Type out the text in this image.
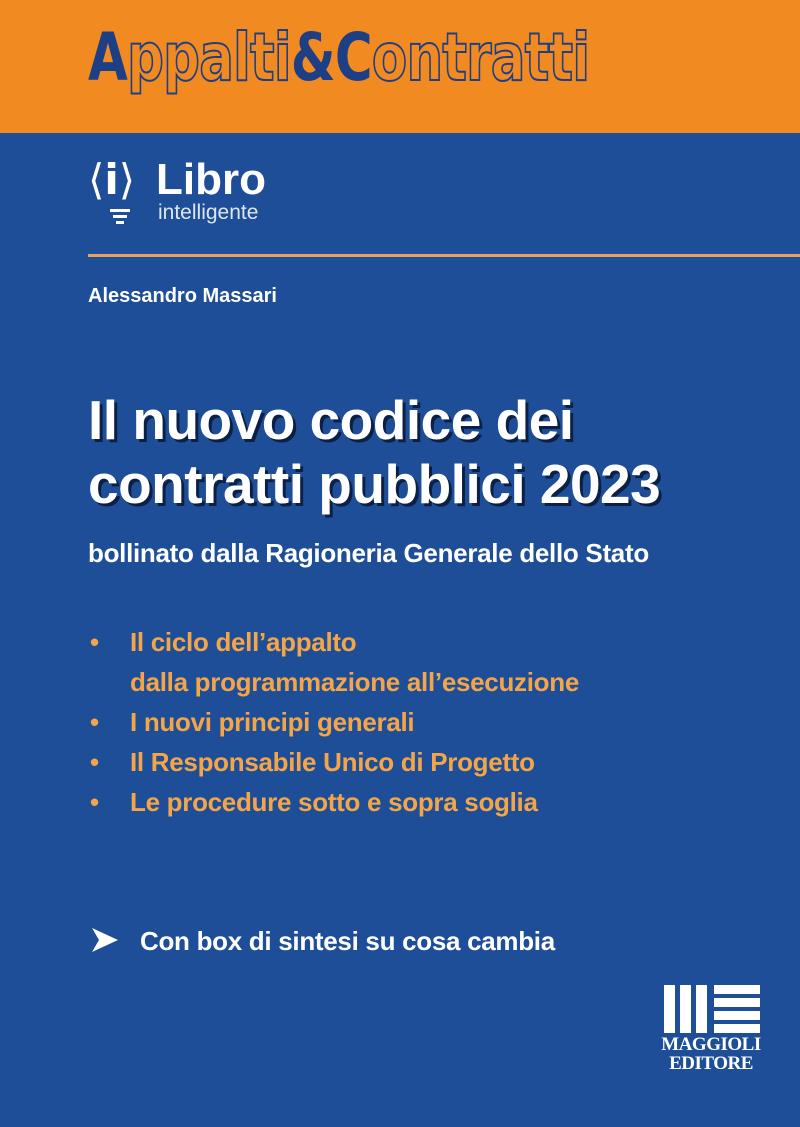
Appalti&Contratti
⟨i⟩ Libro
intelligente
Alessandro Massari
Il nuovo codice dei
contratti pubblici 2023
bollinato dalla Ragioneria Generale dello Stato
• Il ciclo dell’appalto
dalla programmazione all’esecuzione
• I nuovi principi generali
• Il Responsabile Unico di Progetto
• Le procedure sotto e sopra soglia
Con box di sintesi su cosa cambia
MAGGIOLI
EDITORE
